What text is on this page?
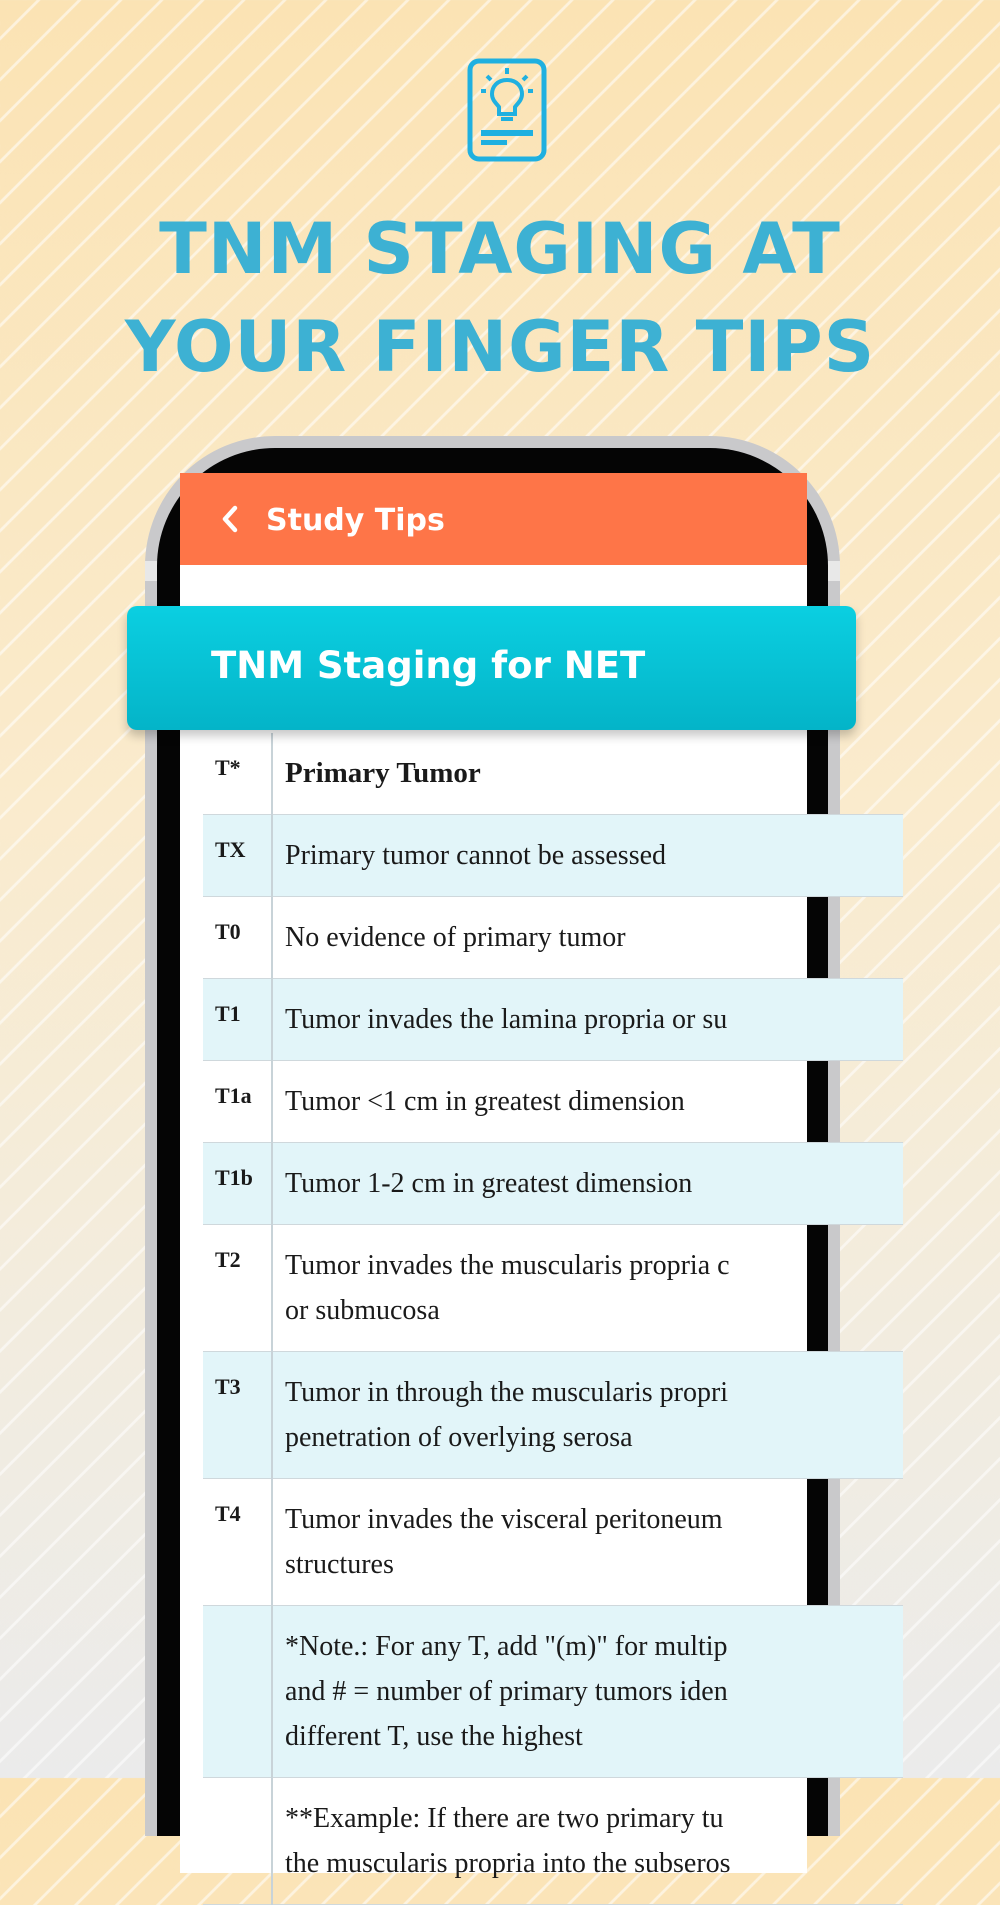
TNM STAGING AT
YOUR FINGER TIPS
Study Tips
TNM Staging for NET
T*	Primary Tumor
TX	Primary tumor cannot be assessed

T0	No evidence of primary tumor

T1	Tumor invades the lamina propria or su

T1a	Tumor <1 cm in greatest dimension

T1b	Tumor 1-2 cm in greatest dimension

T2	Tumor invades the muscularis propria c
or submucosa

T3	Tumor in through the muscularis propri
penetration of overlying serosa

T4	Tumor invades the visceral peritoneum
structures

	*Note.: For any T, add "(m)" for multip
and # = number of primary tumors iden
different T, use the highest

	**Example: If there are two primary tu
the muscularis propria into the subseros
